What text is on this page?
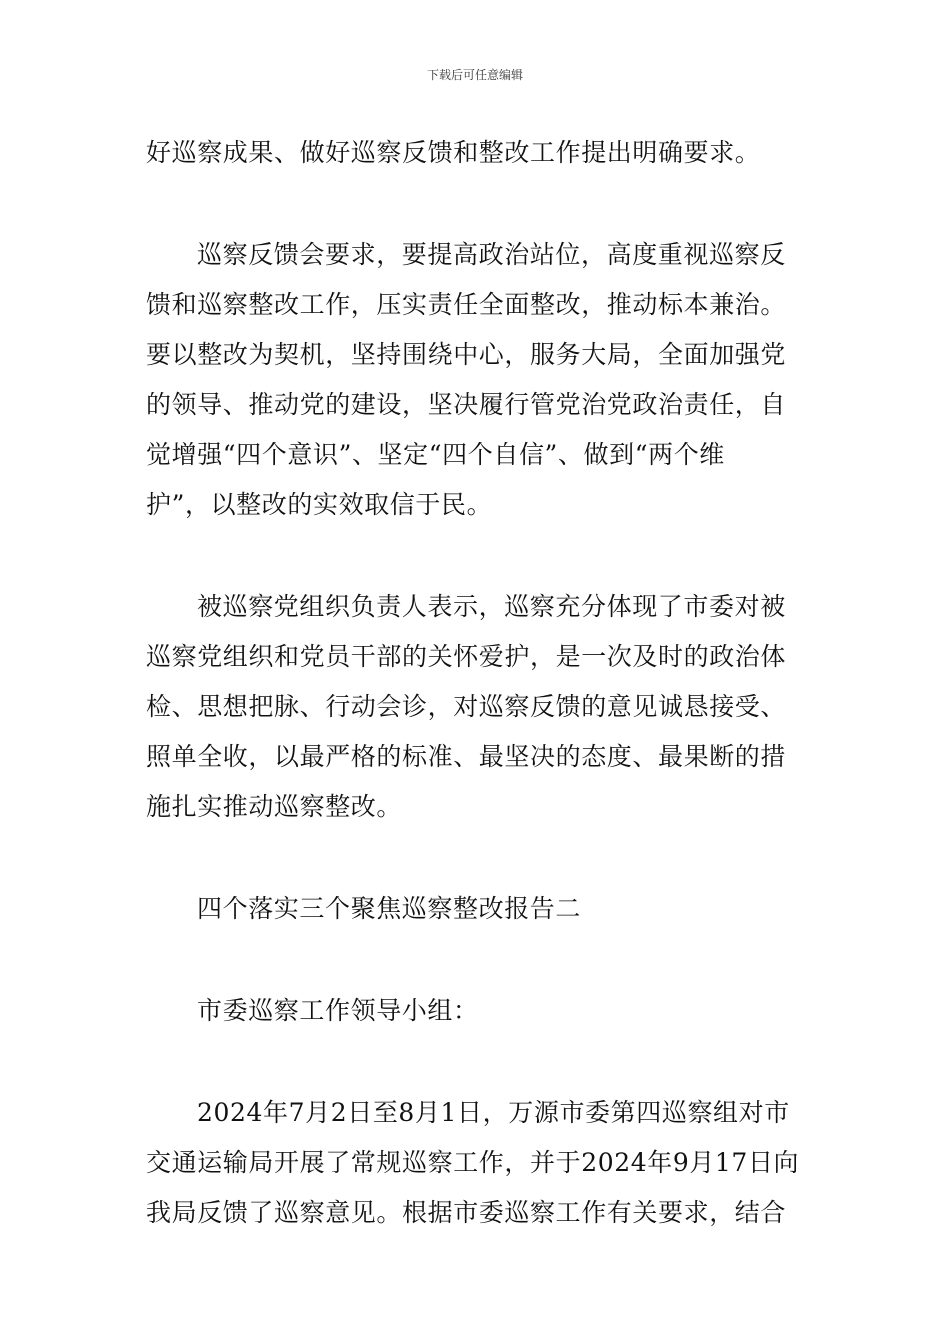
下载后可任意编辑
好巡察成果、做好巡察反馈和整改工作提出明确要求。
巡察反馈会要求，要提高政治站位，高度重视巡察反
馈和巡察整改工作，压实责任全面整改，推动标本兼治。
要以整改为契机，坚持围绕中心，服务大局，全面加强党
的领导、推动党的建设，坚决履行管党治党政治责任，自
觉增强“四个意识”、坚定“四个自信”、做到“两个维
护”，以整改的实效取信于民。
被巡察党组织负责人表示，巡察充分体现了市委对被
巡察党组织和党员干部的关怀爱护，是一次及时的政治体
检、思想把脉、行动会诊，对巡察反馈的意见诚恳接受、
照单全收，以最严格的标准、最坚决的态度、最果断的措
施扎实推动巡察整改。
四个落实三个聚焦巡察整改报告二
市委巡察工作领导小组：
2024年7月2日至8月1日，万源市委第四巡察组对市
交通运输局开展了常规巡察工作，并于2024年9月17日向
我局反馈了巡察意见。根据市委巡察工作有关要求，结合
